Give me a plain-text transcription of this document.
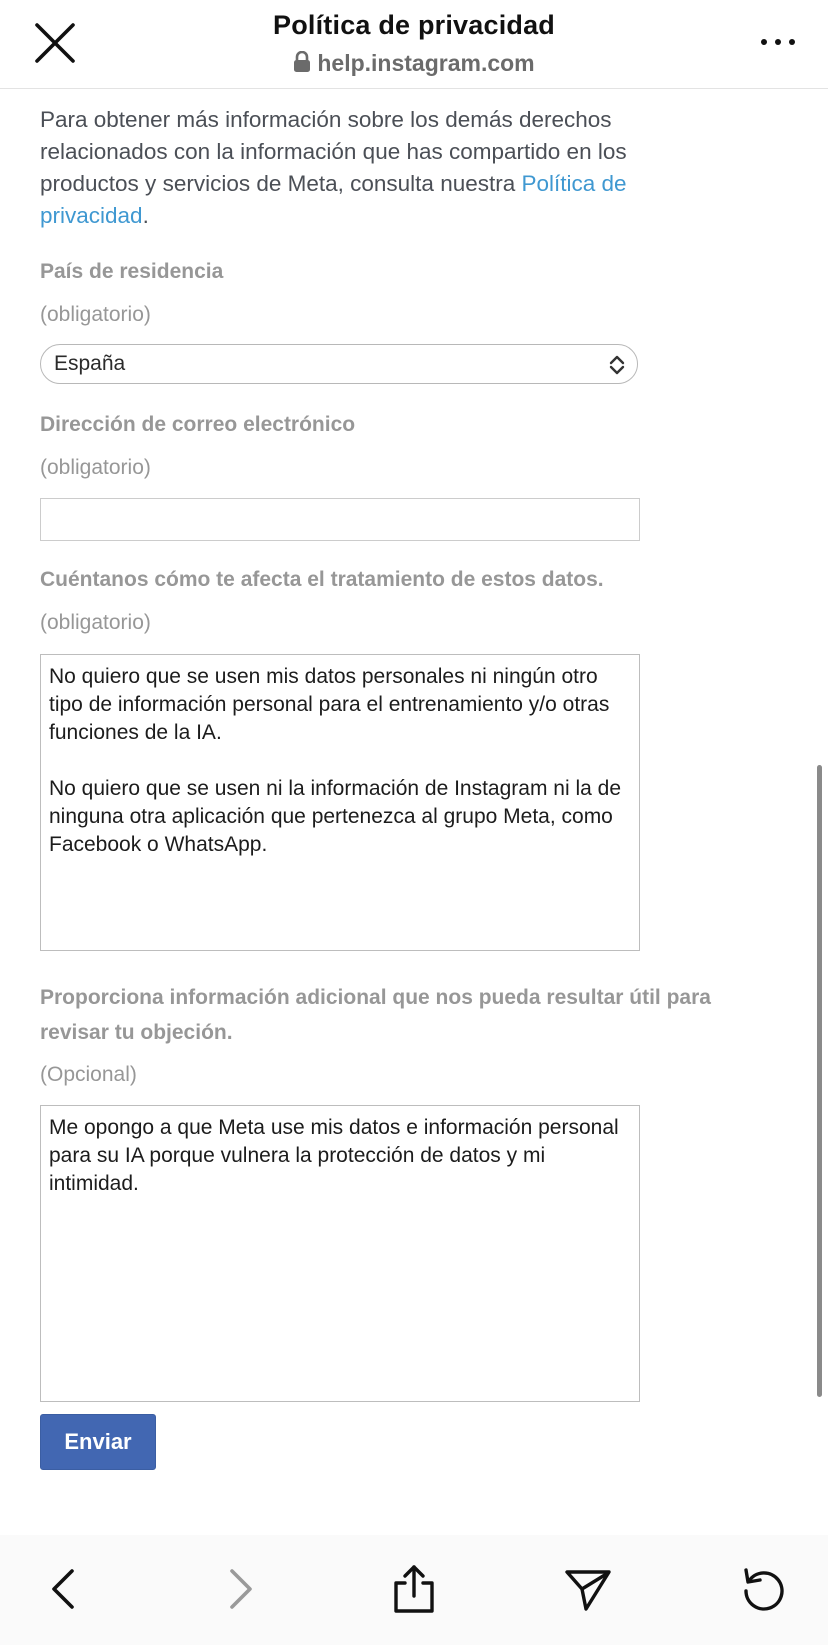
Política de privacidad
help.instagram.com
Para obtener más información sobre los demás derechos relacionados con la información que has compartido en los productos y servicios de Meta, consulta nuestra Política de privacidad.
País de residencia
(obligatorio)
España
Dirección de correo electrónico
(obligatorio)
Cuéntanos cómo te afecta el tratamiento de estos datos.
(obligatorio)
No quiero que se usen mis datos personales ni ningún otro tipo de información personal para el entrenamiento y/o otras funciones de la IA.

No quiero que se usen ni la información de Instagram ni la de ninguna otra aplicación que pertenezca al grupo Meta, como Facebook o WhatsApp.
Proporciona información adicional que nos pueda resultar útil para revisar tu objeción.
(Opcional)
Me opongo a que Meta use mis datos e información personal para su IA porque vulnera la protección de datos y mi intimidad.
Enviar
